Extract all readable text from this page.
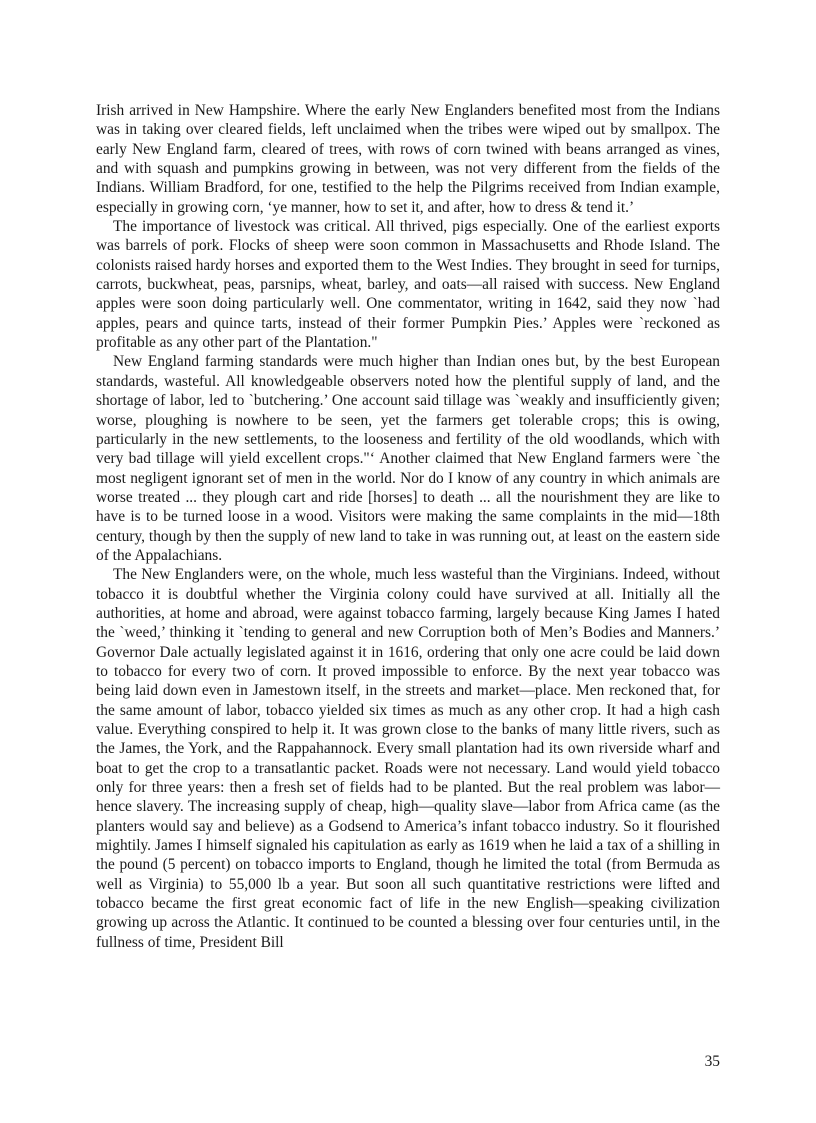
Irish arrived in New Hampshire. Where the early New Englanders benefited most from the Indians was in taking over cleared fields, left unclaimed when the tribes were wiped out by smallpox. The early New England farm, cleared of trees, with rows of corn twined with beans arranged as vines, and with squash and pumpkins growing in between, was not very different from the fields of the Indians. William Bradford, for one, testified to the help the Pilgrims received from Indian example, especially in growing corn, ‘ye manner, how to set it, and after, how to dress & tend it.’

The importance of livestock was critical. All thrived, pigs especially. One of the earliest exports was barrels of pork. Flocks of sheep were soon common in Massachusetts and Rhode Island. The colonists raised hardy horses and exported them to the West Indies. They brought in seed for turnips, carrots, buckwheat, peas, parsnips, wheat, barley, and oats—all raised with success. New England apples were soon doing particularly well. One commentator, writing in 1642, said they now `had apples, pears and quince tarts, instead of their former Pumpkin Pies.’ Apples were `reckoned as profitable as any other part of the Plantation."

New England farming standards were much higher than Indian ones but, by the best European standards, wasteful. All knowledgeable observers noted how the plentiful supply of land, and the shortage of labor, led to `butchering.’ One account said tillage was `weakly and insufficiently given; worse, ploughing is nowhere to be seen, yet the farmers get tolerable crops; this is owing, particularly in the new settlements, to the looseness and fertility of the old woodlands, which with very bad tillage will yield excellent crops."‘ Another claimed that New England farmers were `the most negligent ignorant set of men in the world. Nor do I know of any country in which animals are worse treated ... they plough cart and ride [horses] to death ... all the nourishment they are like to have is to be turned loose in a wood. Visitors were making the same complaints in the mid—18th century, though by then the supply of new land to take in was running out, at least on the eastern side of the Appalachians.

The New Englanders were, on the whole, much less wasteful than the Virginians. Indeed, without tobacco it is doubtful whether the Virginia colony could have survived at all. Initially all the authorities, at home and abroad, were against tobacco farming, largely because King James I hated the `weed,’ thinking it `tending to general and new Corruption both of Men’s Bodies and Manners.’ Governor Dale actually legislated against it in 1616, ordering that only one acre could be laid down to tobacco for every two of corn. It proved impossible to enforce. By the next year tobacco was being laid down even in Jamestown itself, in the streets and market—place. Men reckoned that, for the same amount of labor, tobacco yielded six times as much as any other crop. It had a high cash value. Everything conspired to help it. It was grown close to the banks of many little rivers, such as the James, the York, and the Rappahannock. Every small plantation had its own riverside wharf and boat to get the crop to a transatlantic packet. Roads were not necessary. Land would yield tobacco only for three years: then a fresh set of fields had to be planted. But the real problem was labor—hence slavery. The increasing supply of cheap, high—quality slave—labor from Africa came (as the planters would say and believe) as a Godsend to America’s infant tobacco industry. So it flourished mightily. James I himself signaled his capitulation as early as 1619 when he laid a tax of a shilling in the pound (5 percent) on tobacco imports to England, though he limited the total (from Bermuda as well as Virginia) to 55,000 lb a year. But soon all such quantitative restrictions were lifted and tobacco became the first great economic fact of life in the new English—speaking civilization growing up across the Atlantic. It continued to be counted a blessing over four centuries until, in the fullness of time, President Bill

35
